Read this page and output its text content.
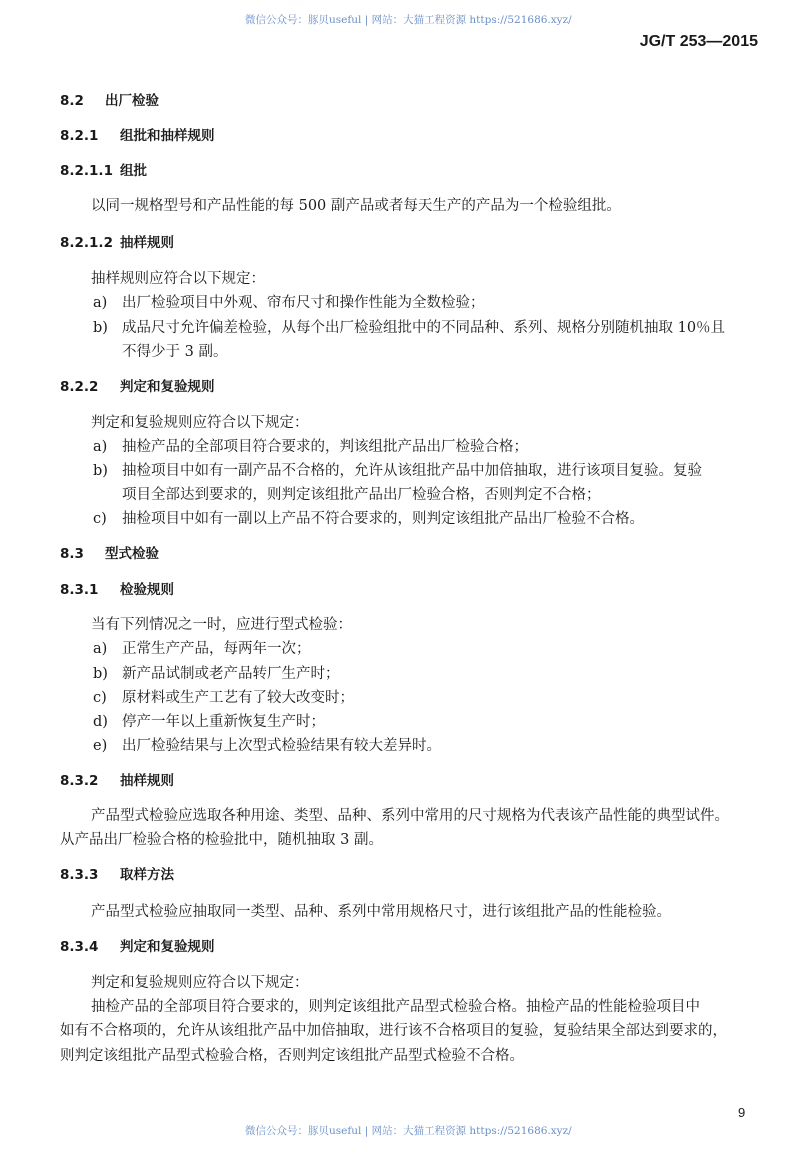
微信公众号：豚贝useful | 网站：大猫工程资源 https://521686.xyz/
JG/T 253—2015
8.2 出厂检验
8.2.1 组批和抽样规则
8.2.1.1 组批
以同一规格型号和产品性能的每 500 副产品或者每天生产的产品为一个检验组批。
8.2.1.2 抽样规则
抽样规则应符合以下规定：
a) 出厂检验项目中外观、帘布尺寸和操作性能为全数检验；
b) 成品尺寸允许偏差检验，从每个出厂检验组批中的不同品种、系列、规格分别随机抽取 10％且
不得少于 3 副。
8.2.2 判定和复验规则
判定和复验规则应符合以下规定：
a) 抽检产品的全部项目符合要求的，判该组批产品出厂检验合格；
b) 抽检项目中如有一副产品不合格的，允许从该组批产品中加倍抽取，进行该项目复验。复验
项目全部达到要求的，则判定该组批产品出厂检验合格，否则判定不合格；
c) 抽检项目中如有一副以上产品不符合要求的，则判定该组批产品出厂检验不合格。
8.3 型式检验
8.3.1 检验规则
当有下列情况之一时，应进行型式检验：
a) 正常生产产品，每两年一次；
b) 新产品试制或老产品转厂生产时；
c) 原材料或生产工艺有了较大改变时；
d) 停产一年以上重新恢复生产时；
e) 出厂检验结果与上次型式检验结果有较大差异时。
8.3.2 抽样规则
产品型式检验应选取各种用途、类型、品种、系列中常用的尺寸规格为代表该产品性能的典型试件。
从产品出厂检验合格的检验批中，随机抽取 3 副。
8.3.3 取样方法
产品型式检验应抽取同一类型、品种、系列中常用规格尺寸，进行该组批产品的性能检验。
8.3.4 判定和复验规则
判定和复验规则应符合以下规定：
抽检产品的全部项目符合要求的，则判定该组批产品型式检验合格。抽检产品的性能检验项目中
如有不合格项的，允许从该组批产品中加倍抽取，进行该不合格项目的复验，复验结果全部达到要求的，
则判定该组批产品型式检验合格，否则判定该组批产品型式检验不合格。
9
微信公众号：豚贝useful | 网站：大猫工程资源 https://521686.xyz/
